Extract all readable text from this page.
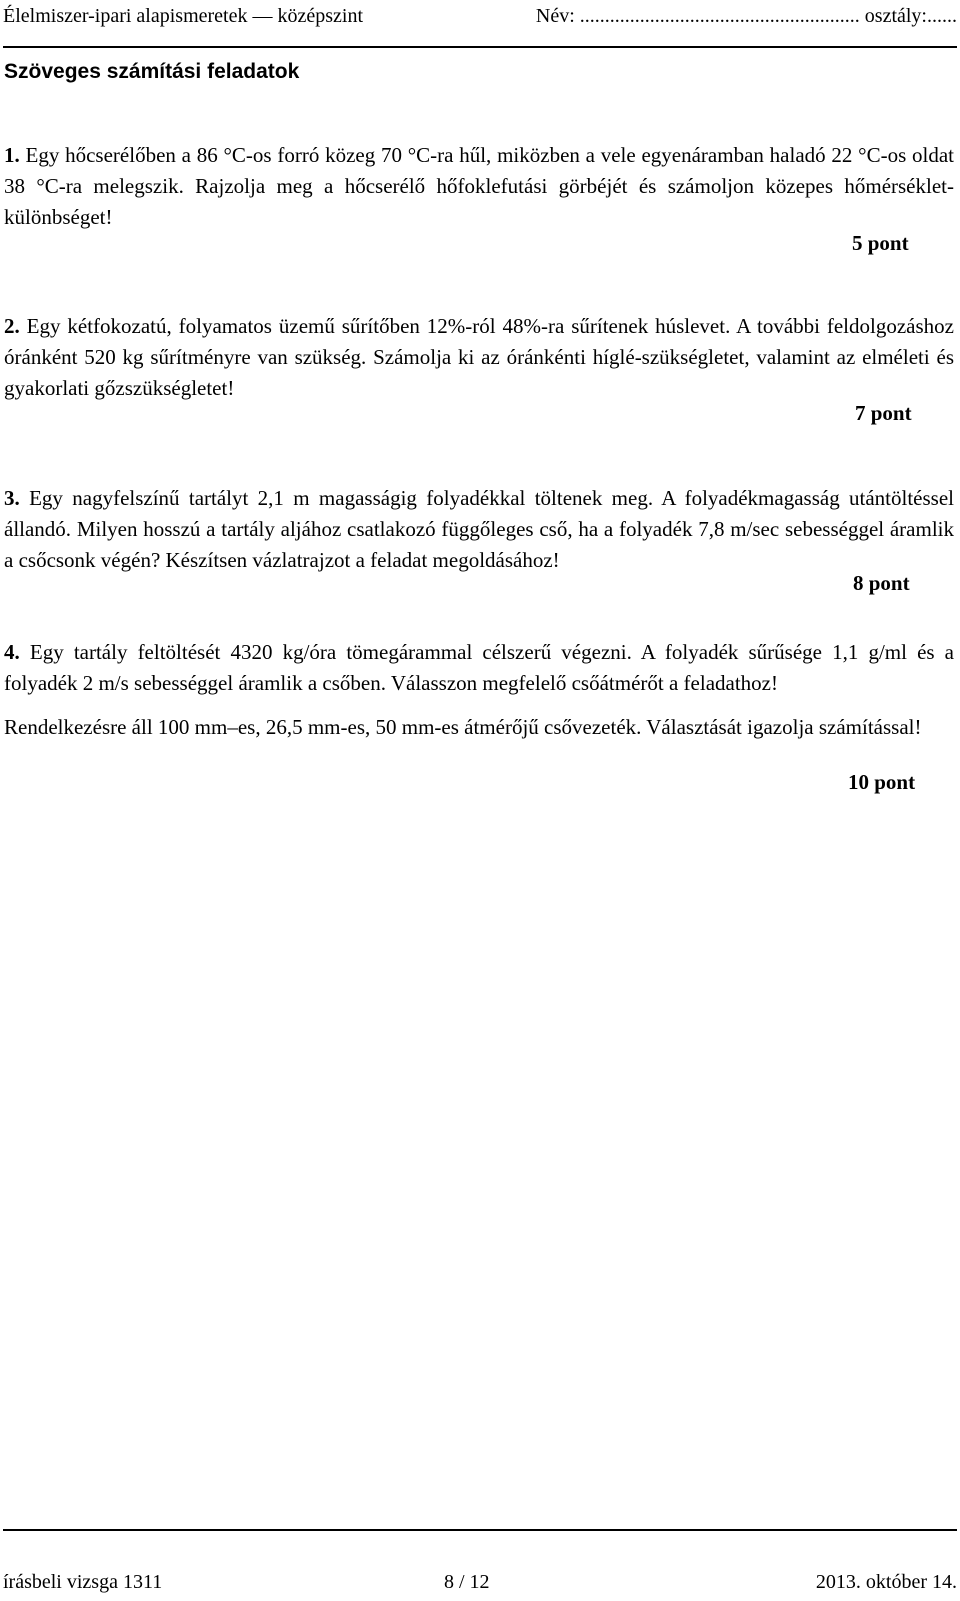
Élelmiszer-ipari alapismeretek — középszint	Név: ........................................................ osztály:......
Szöveges számítási feladatok
1. Egy hőcserélőben a 86 °C-os forró közeg 70 °C-ra hűl, miközben a vele egyenáramban haladó 22 °C-os oldat 38 °C-ra melegszik. Rajzolja meg a hőcserélő hőfoklefutási görbéjét és számoljon közepes hőmérséklet-különbséget!
5 pont
2. Egy kétfokozatú, folyamatos üzemű sűrítőben 12%-ról 48%-ra sűrítenek húslevet. A további feldolgozáshoz óránként 520 kg sűrítményre van szükség. Számolja ki az óránkénti híglé-szükségletet, valamint az elméleti és gyakorlati gőzszükségletet!
7 pont
3. Egy nagyfelszínű tartályt 2,1 m magasságig folyadékkal töltenek meg. A folyadékmagasság utántöltéssel állandó. Milyen hosszú a tartály aljához csatlakozó függőleges cső, ha a folyadék 7,8 m/sec sebességgel áramlik a csőcsonk végén? Készítsen vázlatrajzot a feladat megoldásához!
8 pont
4. Egy tartály feltöltését 4320 kg/óra tömegárammal célszerű végezni. A folyadék sűrűsége 1,1 g/ml és a folyadék 2 m/s sebességgel áramlik a csőben. Válasszon megfelelő csőátmérőt a feladathoz!
Rendelkezésre áll 100 mm–es, 26,5 mm-es, 50 mm-es átmérőjű csővezeték. Választását igazolja számítással!
10 pont
írásbeli vizsga 1311	8 / 12	2013. október 14.
